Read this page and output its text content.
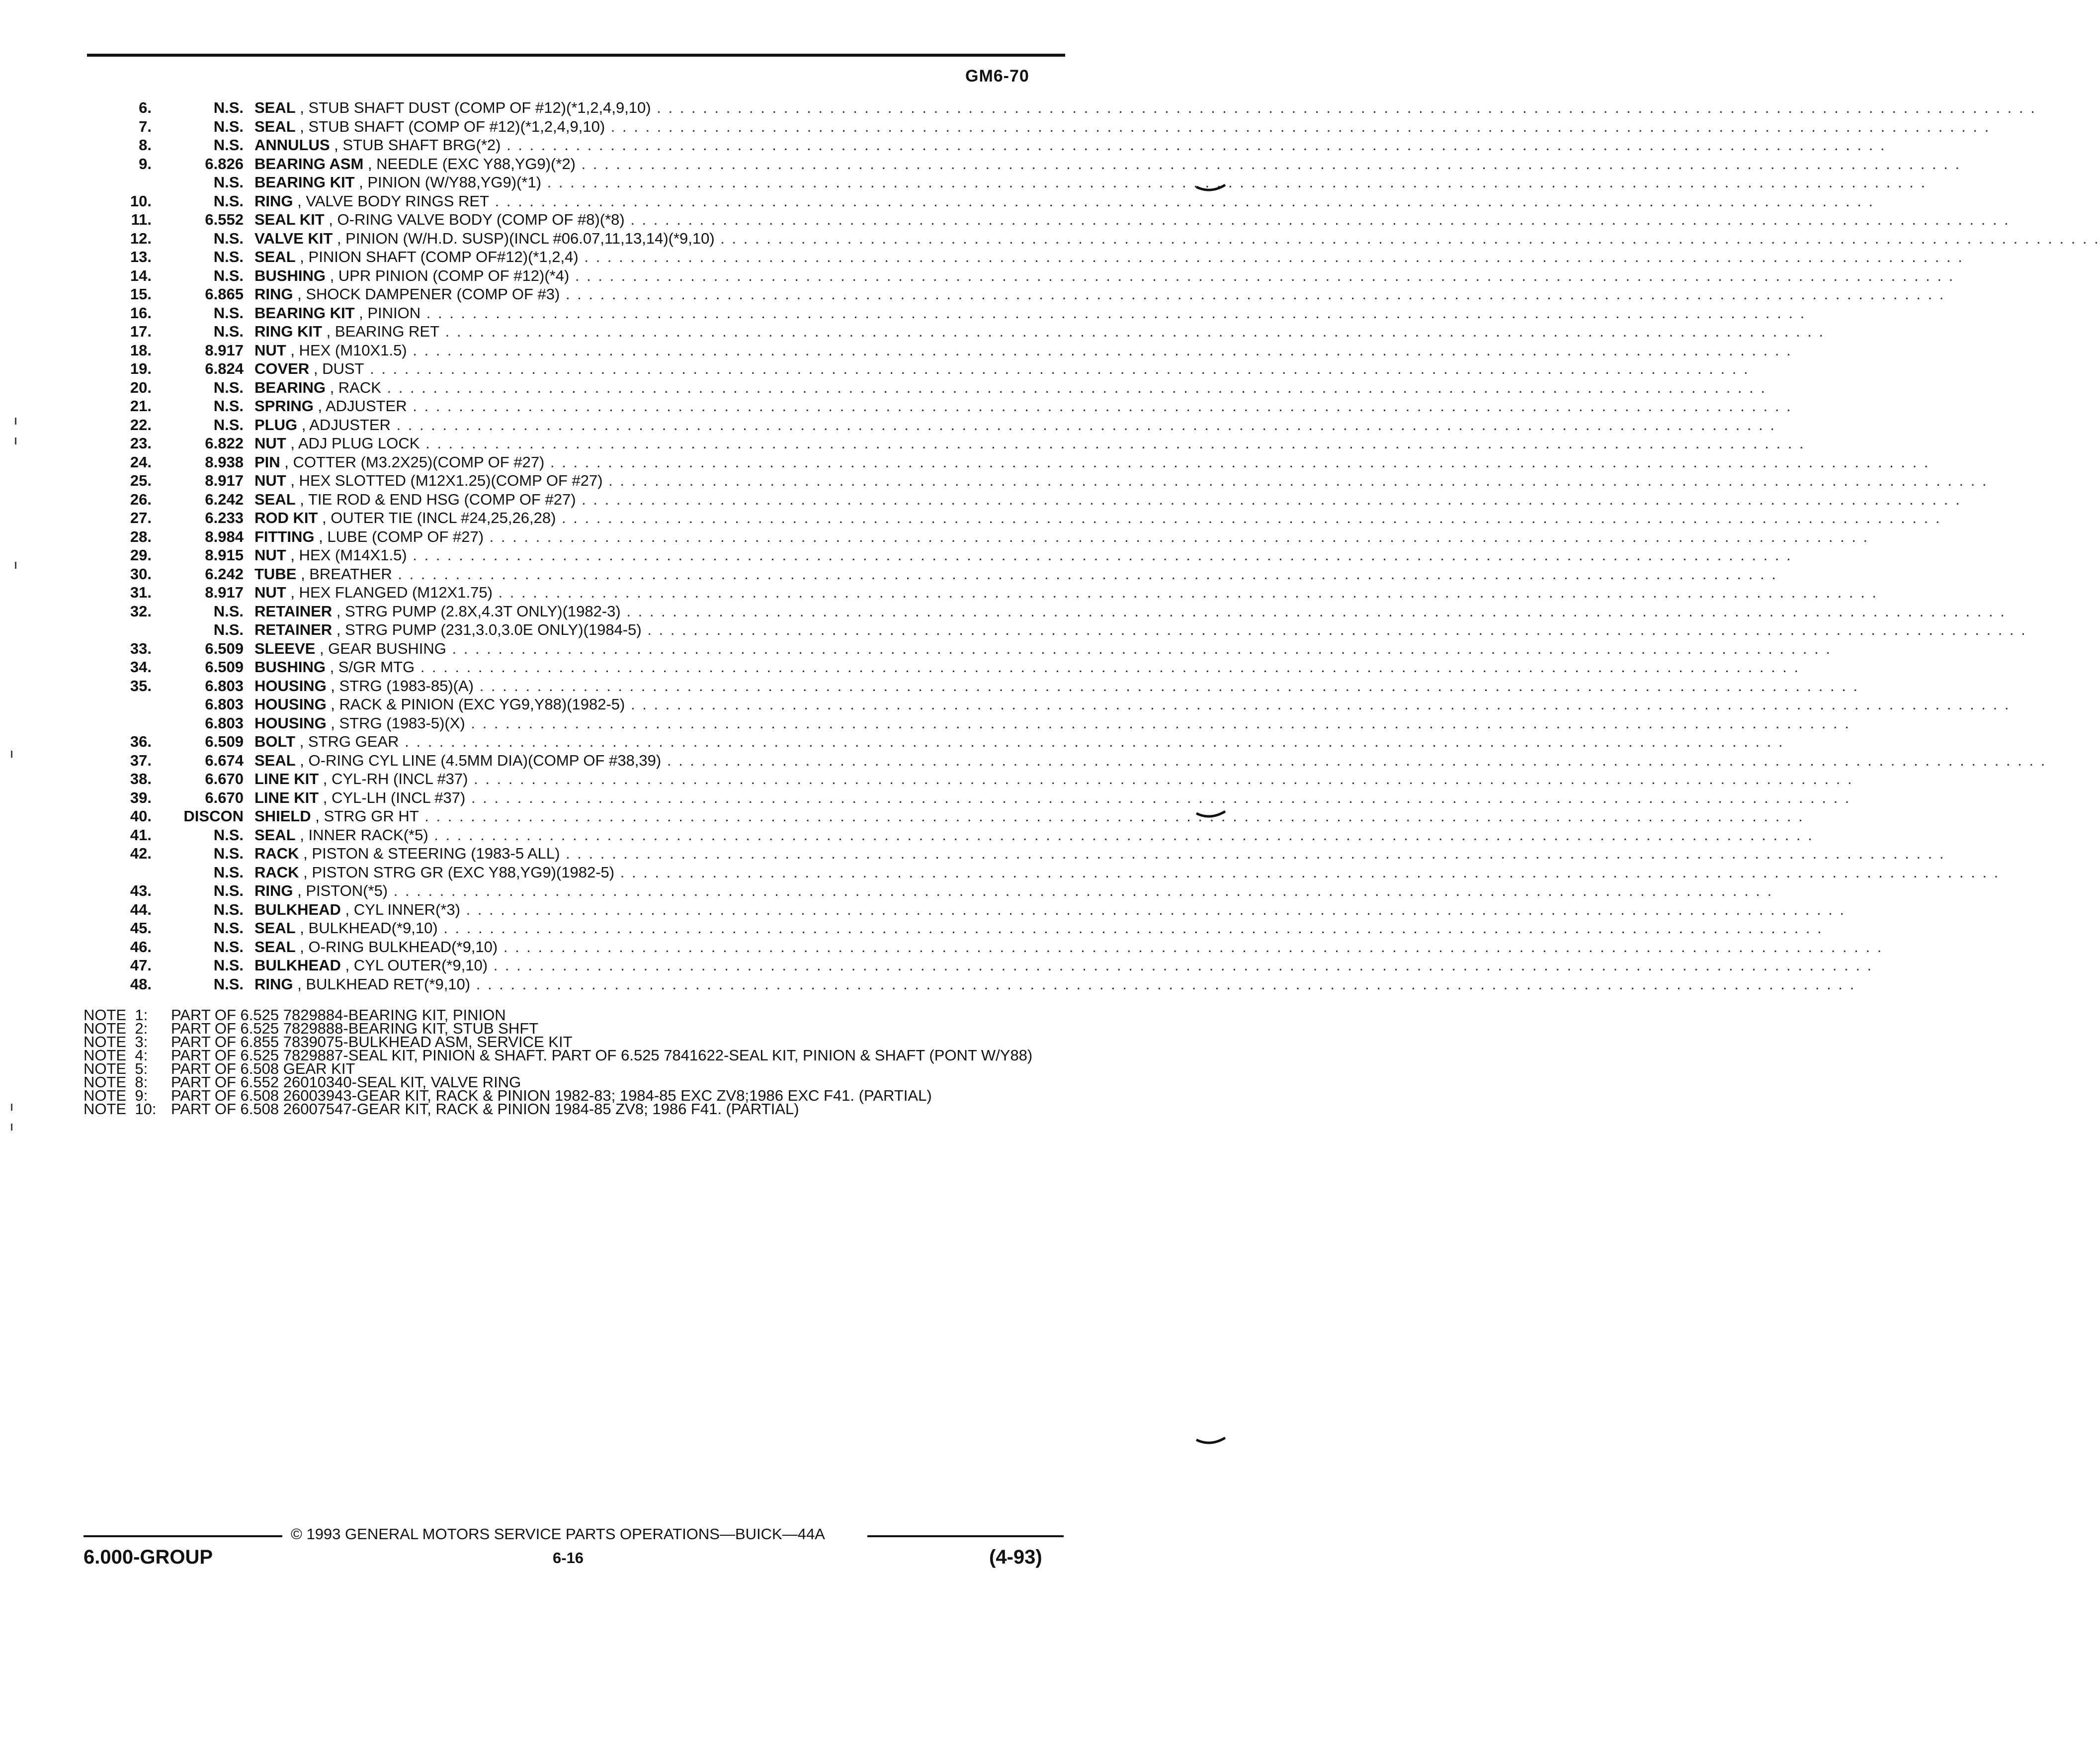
GM6-70
6.	N.S. SEAL , STUB SHAFT DUST (COMP OF #12)(*1,2,4,9,10) . . . . . . . . . . . . . . . . . . . . . . . . . . . . . . . . . . . . . . . . . . . . . . . . . . . . . . . . . . . . . . . . . . . . . . . . . . . . . . . . . . . . . . . . . . . . . . . . . . . . . . . . . . . . . . . . . . . . . . . .
7.	N.S. SEAL , STUB SHAFT (COMP OF #12)(*1,2,4,9,10) . . . . . . . . . . . . . . . . . . . . . . . . . . . . . . . . . . . . . . . . . . . . . . . . . . . . . . . . . . . . . . . . . . . . . . . . . . . . . . . . . . . . . . . . . . . . . . . . . . . . . . . . . . . . . . . . . . . . . . . .
8.	N.S. ANNULUS , STUB SHAFT BRG(*2) . . . . . . . . . . . . . . . . . . . . . . . . . . . . . . . . . . . . . . . . . . . . . . . . . . . . . . . . . . . . . . . . . . . . . . . . . . . . . . . . . . . . . . . . . . . . . . . . . . . . . . . . . . . . . . . . . . . . . . . .
9.	6.826 BEARING ASM , NEEDLE (EXC Y88,YG9)(*2) . . . . . . . . . . . . . . . . . . . . . . . . . . . . . . . . . . . . . . . . . . . . . . . . . . . . . . . . . . . . . . . . . . . . . . . . . . . . . . . . . . . . . . . . . . . . . . . . . . . . . . . . . . . . . . . . . . . . . . . .
N.S. BEARING KIT , PINION (W/Y88,YG9)(*1) . . . . . . . . . . . . . . . . . . . . . . . . . . . . . . . . . . . . . . . . . . . . . . . . . . . . . . . . . . . . . . . . . . . . . . . . . . . . . . . . . . . . . . . . . . . . . . . . . . . . . . . . . . . . . . . . . . . . . . . .
10.	N.S. RING , VALVE BODY RINGS RET . . . . . . . . . . . . . . . . . . . . . . . . . . . . . . . . . . . . . . . . . . . . . . . . . . . . . . . . . . . . . . . . . . . . . . . . . . . . . . . . . . . . . . . . . . . . . . . . . . . . . . . . . . . . . . . . . . . . . . . .
11.	6.552 SEAL KIT , O-RING VALVE BODY (COMP OF #8)(*8) . . . . . . . . . . . . . . . . . . . . . . . . . . . . . . . . . . . . . . . . . . . . . . . . . . . . . . . . . . . . . . . . . . . . . . . . . . . . . . . . . . . . . . . . . . . . . . . . . . . . . . . . . . . . . . . . . . . . . . . .
12.	N.S. VALVE KIT , PINION (W/H.D. SUSP)(INCL #06.07,11,13,14)(*9,10) . . . . . . . . . . . . . . . . . . . . . . . . . . . . . . . . . . . . . . . . . . . . . . . . . . . . . . . . . . . . . . . . . . . . . . . . . . . . . . . . . . . . . . . . . . . . . . . . . . . . . . . . . . . . . . . . . . . . . . . .
13.	N.S. SEAL , PINION SHAFT (COMP OF#12)(*1,2,4) . . . . . . . . . . . . . . . . . . . . . . . . . . . . . . . . . . . . . . . . . . . . . . . . . . . . . . . . . . . . . . . . . . . . . . . . . . . . . . . . . . . . . . . . . . . . . . . . . . . . . . . . . . . . . . . . . . . . . . . .
14.	N.S. BUSHING , UPR PINION (COMP OF #12)(*4) . . . . . . . . . . . . . . . . . . . . . . . . . . . . . . . . . . . . . . . . . . . . . . . . . . . . . . . . . . . . . . . . . . . . . . . . . . . . . . . . . . . . . . . . . . . . . . . . . . . . . . . . . . . . . . . . . . . . . . . .
15.	6.865 RING , SHOCK DAMPENER (COMP OF #3) . . . . . . . . . . . . . . . . . . . . . . . . . . . . . . . . . . . . . . . . . . . . . . . . . . . . . . . . . . . . . . . . . . . . . . . . . . . . . . . . . . . . . . . . . . . . . . . . . . . . . . . . . . . . . . . . . . . . . . . .
16.	N.S. BEARING KIT , PINION . . . . . . . . . . . . . . . . . . . . . . . . . . . . . . . . . . . . . . . . . . . . . . . . . . . . . . . . . . . . . . . . . . . . . . . . . . . . . . . . . . . . . . . . . . . . . . . . . . . . . . . . . . . . . . . . . . . . . . . .
17.	N.S. RING KIT , BEARING RET . . . . . . . . . . . . . . . . . . . . . . . . . . . . . . . . . . . . . . . . . . . . . . . . . . . . . . . . . . . . . . . . . . . . . . . . . . . . . . . . . . . . . . . . . . . . . . . . . . . . . . . . . . . . . . . . . . . . . . . .
18.	8.917 NUT , HEX (M10X1.5) . . . . . . . . . . . . . . . . . . . . . . . . . . . . . . . . . . . . . . . . . . . . . . . . . . . . . . . . . . . . . . . . . . . . . . . . . . . . . . . . . . . . . . . . . . . . . . . . . . . . . . . . . . . . . . . . . . . . . . . .
19.	6.824 COVER , DUST . . . . . . . . . . . . . . . . . . . . . . . . . . . . . . . . . . . . . . . . . . . . . . . . . . . . . . . . . . . . . . . . . . . . . . . . . . . . . . . . . . . . . . . . . . . . . . . . . . . . . . . . . . . . . . . . . . . . . . . .
20.	N.S. BEARING , RACK . . . . . . . . . . . . . . . . . . . . . . . . . . . . . . . . . . . . . . . . . . . . . . . . . . . . . . . . . . . . . . . . . . . . . . . . . . . . . . . . . . . . . . . . . . . . . . . . . . . . . . . . . . . . . . . . . . . . . . . .
21.	N.S. SPRING , ADJUSTER . . . . . . . . . . . . . . . . . . . . . . . . . . . . . . . . . . . . . . . . . . . . . . . . . . . . . . . . . . . . . . . . . . . . . . . . . . . . . . . . . . . . . . . . . . . . . . . . . . . . . . . . . . . . . . . . . . . . . . . .
22.	N.S. PLUG , ADJUSTER . . . . . . . . . . . . . . . . . . . . . . . . . . . . . . . . . . . . . . . . . . . . . . . . . . . . . . . . . . . . . . . . . . . . . . . . . . . . . . . . . . . . . . . . . . . . . . . . . . . . . . . . . . . . . . . . . . . . . . . .
23.	6.822 NUT , ADJ PLUG LOCK . . . . . . . . . . . . . . . . . . . . . . . . . . . . . . . . . . . . . . . . . . . . . . . . . . . . . . . . . . . . . . . . . . . . . . . . . . . . . . . . . . . . . . . . . . . . . . . . . . . . . . . . . . . . . . . . . . . . . . . .
24.	8.938 PIN , COTTER (M3.2X25)(COMP OF #27) . . . . . . . . . . . . . . . . . . . . . . . . . . . . . . . . . . . . . . . . . . . . . . . . . . . . . . . . . . . . . . . . . . . . . . . . . . . . . . . . . . . . . . . . . . . . . . . . . . . . . . . . . . . . . . . . . . . . . . . .
25.	8.917 NUT , HEX SLOTTED (M12X1.25)(COMP OF #27) . . . . . . . . . . . . . . . . . . . . . . . . . . . . . . . . . . . . . . . . . . . . . . . . . . . . . . . . . . . . . . . . . . . . . . . . . . . . . . . . . . . . . . . . . . . . . . . . . . . . . . . . . . . . . . . . . . . . . . . .
26.	6.242 SEAL , TIE ROD & END HSG (COMP OF #27) . . . . . . . . . . . . . . . . . . . . . . . . . . . . . . . . . . . . . . . . . . . . . . . . . . . . . . . . . . . . . . . . . . . . . . . . . . . . . . . . . . . . . . . . . . . . . . . . . . . . . . . . . . . . . . . . . . . . . . . .
27.	6.233 ROD KIT , OUTER TIE (INCL #24,25,26,28) . . . . . . . . . . . . . . . . . . . . . . . . . . . . . . . . . . . . . . . . . . . . . . . . . . . . . . . . . . . . . . . . . . . . . . . . . . . . . . . . . . . . . . . . . . . . . . . . . . . . . . . . . . . . . . . . . . . . . . . .
28.	8.984 FITTING , LUBE (COMP OF #27) . . . . . . . . . . . . . . . . . . . . . . . . . . . . . . . . . . . . . . . . . . . . . . . . . . . . . . . . . . . . . . . . . . . . . . . . . . . . . . . . . . . . . . . . . . . . . . . . . . . . . . . . . . . . . . . . . . . . . . . .
29.	8.915 NUT , HEX (M14X1.5) . . . . . . . . . . . . . . . . . . . . . . . . . . . . . . . . . . . . . . . . . . . . . . . . . . . . . . . . . . . . . . . . . . . . . . . . . . . . . . . . . . . . . . . . . . . . . . . . . . . . . . . . . . . . . . . . . . . . . . . .
30.	6.242 TUBE , BREATHER . . . . . . . . . . . . . . . . . . . . . . . . . . . . . . . . . . . . . . . . . . . . . . . . . . . . . . . . . . . . . . . . . . . . . . . . . . . . . . . . . . . . . . . . . . . . . . . . . . . . . . . . . . . . . . . . . . . . . . . .
31.	8.917 NUT , HEX FLANGED (M12X1.75) . . . . . . . . . . . . . . . . . . . . . . . . . . . . . . . . . . . . . . . . . . . . . . . . . . . . . . . . . . . . . . . . . . . . . . . . . . . . . . . . . . . . . . . . . . . . . . . . . . . . . . . . . . . . . . . . . . . . . . . .
32.	N.S. RETAINER , STRG PUMP (2.8X,4.3T ONLY)(1982-3) . . . . . . . . . . . . . . . . . . . . . . . . . . . . . . . . . . . . . . . . . . . . . . . . . . . . . . . . . . . . . . . . . . . . . . . . . . . . . . . . . . . . . . . . . . . . . . . . . . . . . . . . . . . . . . . . . . . . . . . .
N.S. RETAINER , STRG PUMP (231,3.0,3.0E ONLY)(1984-5) . . . . . . . . . . . . . . . . . . . . . . . . . . . . . . . . . . . . . . . . . . . . . . . . . . . . . . . . . . . . . . . . . . . . . . . . . . . . . . . . . . . . . . . . . . . . . . . . . . . . . . . . . . . . . . . . . . . . . . . .
33.	6.509 SLEEVE , GEAR BUSHING . . . . . . . . . . . . . . . . . . . . . . . . . . . . . . . . . . . . . . . . . . . . . . . . . . . . . . . . . . . . . . . . . . . . . . . . . . . . . . . . . . . . . . . . . . . . . . . . . . . . . . . . . . . . . . . . . . . . . . . .
34.	6.509 BUSHING , S/GR MTG . . . . . . . . . . . . . . . . . . . . . . . . . . . . . . . . . . . . . . . . . . . . . . . . . . . . . . . . . . . . . . . . . . . . . . . . . . . . . . . . . . . . . . . . . . . . . . . . . . . . . . . . . . . . . . . . . . . . . . . .
35.	6.803 HOUSING , STRG (1983-85)(A) . . . . . . . . . . . . . . . . . . . . . . . . . . . . . . . . . . . . . . . . . . . . . . . . . . . . . . . . . . . . . . . . . . . . . . . . . . . . . . . . . . . . . . . . . . . . . . . . . . . . . . . . . . . . . . . . . . . . . . . .
6.803 HOUSING , RACK & PINION (EXC YG9,Y88)(1982-5) . . . . . . . . . . . . . . . . . . . . . . . . . . . . . . . . . . . . . . . . . . . . . . . . . . . . . . . . . . . . . . . . . . . . . . . . . . . . . . . . . . . . . . . . . . . . . . . . . . . . . . . . . . . . . . . . . . . . . . . .
6.803 HOUSING , STRG (1983-5)(X) . . . . . . . . . . . . . . . . . . . . . . . . . . . . . . . . . . . . . . . . . . . . . . . . . . . . . . . . . . . . . . . . . . . . . . . . . . . . . . . . . . . . . . . . . . . . . . . . . . . . . . . . . . . . . . . . . . . . . . . .
36.	6.509 BOLT , STRG GEAR . . . . . . . . . . . . . . . . . . . . . . . . . . . . . . . . . . . . . . . . . . . . . . . . . . . . . . . . . . . . . . . . . . . . . . . . . . . . . . . . . . . . . . . . . . . . . . . . . . . . . . . . . . . . . . . . . . . . . . . .
37.	6.674 SEAL , O-RING CYL LINE (4.5MM DIA)(COMP OF #38,39) . . . . . . . . . . . . . . . . . . . . . . . . . . . . . . . . . . . . . . . . . . . . . . . . . . . . . . . . . . . . . . . . . . . . . . . . . . . . . . . . . . . . . . . . . . . . . . . . . . . . . . . . . . . . . . . . . . . . . . . .
38.	6.670 LINE KIT , CYL-RH (INCL #37) . . . . . . . . . . . . . . . . . . . . . . . . . . . . . . . . . . . . . . . . . . . . . . . . . . . . . . . . . . . . . . . . . . . . . . . . . . . . . . . . . . . . . . . . . . . . . . . . . . . . . . . . . . . . . . . . . . . . . . . .
39.	6.670 LINE KIT , CYL-LH (INCL #37) . . . . . . . . . . . . . . . . . . . . . . . . . . . . . . . . . . . . . . . . . . . . . . . . . . . . . . . . . . . . . . . . . . . . . . . . . . . . . . . . . . . . . . . . . . . . . . . . . . . . . . . . . . . . . . . . . . . . . . . .
40.	DISCON SHIELD , STRG GR HT . . . . . . . . . . . . . . . . . . . . . . . . . . . . . . . . . . . . . . . . . . . . . . . . . . . . . . . . . . . . . . . . . . . . . . . . . . . . . . . . . . . . . . . . . . . . . . . . . . . . . . . . . . . . . . . . . . . . . . . .
41.	N.S. SEAL , INNER RACK(*5) . . . . . . . . . . . . . . . . . . . . . . . . . . . . . . . . . . . . . . . . . . . . . . . . . . . . . . . . . . . . . . . . . . . . . . . . . . . . . . . . . . . . . . . . . . . . . . . . . . . . . . . . . . . . . . . . . . . . . . . .
42.	N.S. RACK , PISTON & STEERING (1983-5 ALL) . . . . . . . . . . . . . . . . . . . . . . . . . . . . . . . . . . . . . . . . . . . . . . . . . . . . . . . . . . . . . . . . . . . . . . . . . . . . . . . . . . . . . . . . . . . . . . . . . . . . . . . . . . . . . . . . . . . . . . . .
N.S. RACK , PISTON STRG GR (EXC Y88,YG9)(1982-5) . . . . . . . . . . . . . . . . . . . . . . . . . . . . . . . . . . . . . . . . . . . . . . . . . . . . . . . . . . . . . . . . . . . . . . . . . . . . . . . . . . . . . . . . . . . . . . . . . . . . . . . . . . . . . . . . . . . . . . . .
43.	N.S. RING , PISTON(*5) . . . . . . . . . . . . . . . . . . . . . . . . . . . . . . . . . . . . . . . . . . . . . . . . . . . . . . . . . . . . . . . . . . . . . . . . . . . . . . . . . . . . . . . . . . . . . . . . . . . . . . . . . . . . . . . . . . . . . . . .
44.	N.S. BULKHEAD , CYL INNER(*3) . . . . . . . . . . . . . . . . . . . . . . . . . . . . . . . . . . . . . . . . . . . . . . . . . . . . . . . . . . . . . . . . . . . . . . . . . . . . . . . . . . . . . . . . . . . . . . . . . . . . . . . . . . . . . . . . . . . . . . . .
45.	N.S. SEAL , BULKHEAD(*9,10) . . . . . . . . . . . . . . . . . . . . . . . . . . . . . . . . . . . . . . . . . . . . . . . . . . . . . . . . . . . . . . . . . . . . . . . . . . . . . . . . . . . . . . . . . . . . . . . . . . . . . . . . . . . . . . . . . . . . . . . .
46.	N.S. SEAL , O-RING BULKHEAD(*9,10) . . . . . . . . . . . . . . . . . . . . . . . . . . . . . . . . . . . . . . . . . . . . . . . . . . . . . . . . . . . . . . . . . . . . . . . . . . . . . . . . . . . . . . . . . . . . . . . . . . . . . . . . . . . . . . . . . . . . . . . .
47.	N.S. BULKHEAD , CYL OUTER(*9,10) . . . . . . . . . . . . . . . . . . . . . . . . . . . . . . . . . . . . . . . . . . . . . . . . . . . . . . . . . . . . . . . . . . . . . . . . . . . . . . . . . . . . . . . . . . . . . . . . . . . . . . . . . . . . . . . . . . . . . . . .
48.	N.S. RING , BULKHEAD RET(*9,10) . . . . . . . . . . . . . . . . . . . . . . . . . . . . . . . . . . . . . . . . . . . . . . . . . . . . . . . . . . . . . . . . . . . . . . . . . . . . . . . . . . . . . . . . . . . . . . . . . . . . . . . . . . . . . . . . . . . . . . . .
NOTE  1:	PART OF 6.525 7829884-BEARING KIT, PINION
NOTE  2:	PART OF 6.525 7829888-BEARING KIT, STUB SHFT
NOTE  3:	PART OF 6.855 7839075-BULKHEAD ASM, SERVICE KIT
NOTE  4:	PART OF 6.525 7829887-SEAL KIT, PINION & SHAFT. PART OF 6.525 7841622-SEAL KIT, PINION & SHAFT (PONT W/Y88)
NOTE  5:	PART OF 6.508 GEAR KIT
NOTE  8:	PART OF 6.552 26010340-SEAL KIT, VALVE RING
NOTE  9:	PART OF 6.508 26003943-GEAR KIT, RACK & PINION 1982-83; 1984-85 EXC ZV8;1986 EXC F41. (PARTIAL)
NOTE  10: PART OF 6.508 26007547-GEAR KIT, RACK & PINION 1984-85 ZV8; 1986 F41. (PARTIAL)
© 1993 GENERAL MOTORS SERVICE PARTS OPERATIONS—BUICK—44A
6.000-GROUP	6-16	(4-93)
